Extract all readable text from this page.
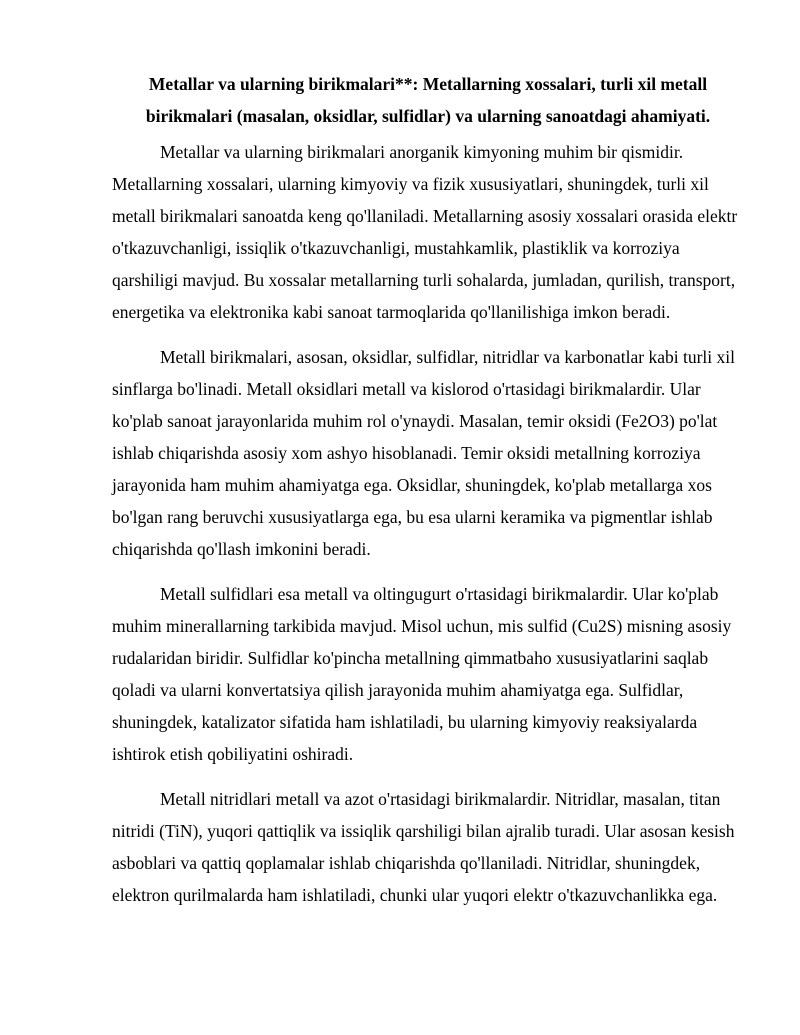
Metallar va ularning birikmalari**: Metallarning xossalari, turli xil metall birikmalari (masalan, oksidlar, sulfidlar) va ularning sanoatdagi ahamiyati.

Metallar va ularning birikmalari anorganik kimyoning muhim bir qismidir. Metallarning xossalari, ularning kimyoviy va fizik xususiyatlari, shuningdek, turli xil metall birikmalari sanoatda keng qo'llaniladi. Metallarning asosiy xossalari orasida elektr o'tkazuvchanligi, issiqlik o'tkazuvchanligi, mustahkamlik, plastiklik va korroziya qarshiligi mavjud. Bu xossalar metallarning turli sohalarda, jumladan, qurilish, transport, energetika va elektronika kabi sanoat tarmoqlarida qo'llanilishiga imkon beradi.

Metall birikmalari, asosan, oksidlar, sulfidlar, nitridlar va karbonatlar kabi turli xil sinflarga bo'linadi. Metall oksidlari metall va kislorod o'rtasidagi birikmalardir. Ular ko'plab sanoat jarayonlarida muhim rol o'ynaydi. Masalan, temir oksidi (Fe2O3) po'lat ishlab chiqarishda asosiy xom ashyo hisoblanadi. Temir oksidi metallning korroziya jarayonida ham muhim ahamiyatga ega. Oksidlar, shuningdek, ko'plab metallarga xos bo'lgan rang beruvchi xususiyatlarga ega, bu esa ularni keramika va pigmentlar ishlab chiqarishda qo'llash imkonini beradi.

Metall sulfidlari esa metall va oltingugurt o'rtasidagi birikmalardir. Ular ko'plab muhim minerallarning tarkibida mavjud. Misol uchun, mis sulfid (Cu2S) misning asosiy rudalaridan biridir. Sulfidlar ko'pincha metallning qimmatbaho xususiyatlarini saqlab qoladi va ularni konvertatsiya qilish jarayonida muhim ahamiyatga ega. Sulfidlar, shuningdek, katalizator sifatida ham ishlatiladi, bu ularning kimyoviy reaksiyalarda ishtirok etish qobiliyatini oshiradi.

Metall nitridlari metall va azot o'rtasidagi birikmalardir. Nitridlar, masalan, titan nitridi (TiN), yuqori qattiqlik va issiqlik qarshiligi bilan ajralib turadi. Ular asosan kesish asboblari va qattiq qoplamalar ishlab chiqarishda qo'llaniladi. Nitridlar, shuningdek, elektron qurilmalarda ham ishlatiladi, chunki ular yuqori elektr o'tkazuvchanlikka ega.
